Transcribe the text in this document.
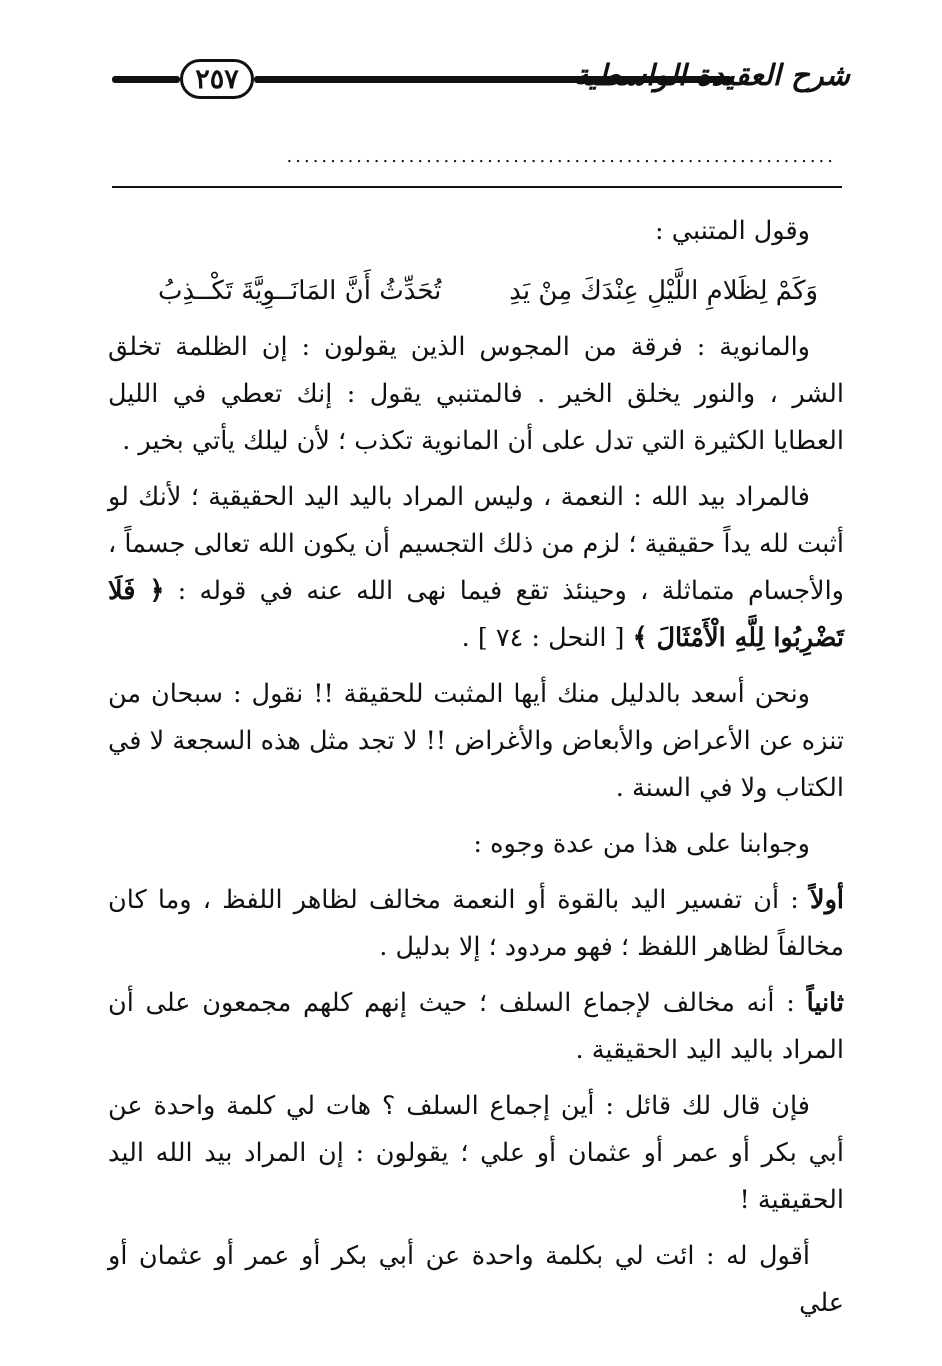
٢٥٧	شرح العقيدة الواسطية
...............................................................

وقول المتنبي :

وَكَمْ لِظَلامِ اللَّيْلِ عِنْدَكَ مِنْ يَدِ
تُحَدِّثُ أَنَّ المَانَــوِيَّةَ تَكْــذِبُ

والمانوية : فرقة من المجوس الذين يقولون : إن الظلمة تخلق الشر ، والنور يخلق الخير . فالمتنبي يقول : إنك تعطي في الليل العطايا الكثيرة التي تدل على أن المانوية تكذب ؛ لأن ليلك يأتي بخير .

فالمراد بيد الله : النعمة ، وليس المراد باليد اليد الحقيقية ؛ لأنك لو أثبت لله يداً حقيقية ؛ لزم من ذلك التجسيم أن يكون الله تعالى جسماً ، والأجسام متماثلة ، وحينئذ تقع فيما نهى الله عنه في قوله : ﴿ فَلَا تَضْرِبُوا لِلَّهِ الْأَمْثَالَ ﴾ [ النحل : ٧٤ ] .

ونحن أسعد بالدليل منك أيها المثبت للحقيقة !! نقول : سبحان من تنزه عن الأعراض والأبعاض والأغراض !! لا تجد مثل هذه السجعة لا في الكتاب ولا في السنة .

وجوابنا على هذا من عدة وجوه :

أولاً : أن تفسير اليد بالقوة أو النعمة مخالف لظاهر اللفظ ، وما كان مخالفاً لظاهر اللفظ ؛ فهو مردود ؛ إلا بدليل .

ثانياً : أنه مخالف لإجماع السلف ؛ حيث إنهم كلهم مجمعون على أن المراد باليد اليد الحقيقية .

فإن قال لك قائل : أين إجماع السلف ؟ هات لي كلمة واحدة عن أبي بكر أو عمر أو عثمان أو علي ؛ يقولون : إن المراد بيد الله اليد الحقيقية !

أقول له : ائت لي بكلمة واحدة عن أبي بكر أو عمر أو عثمان أو علي
